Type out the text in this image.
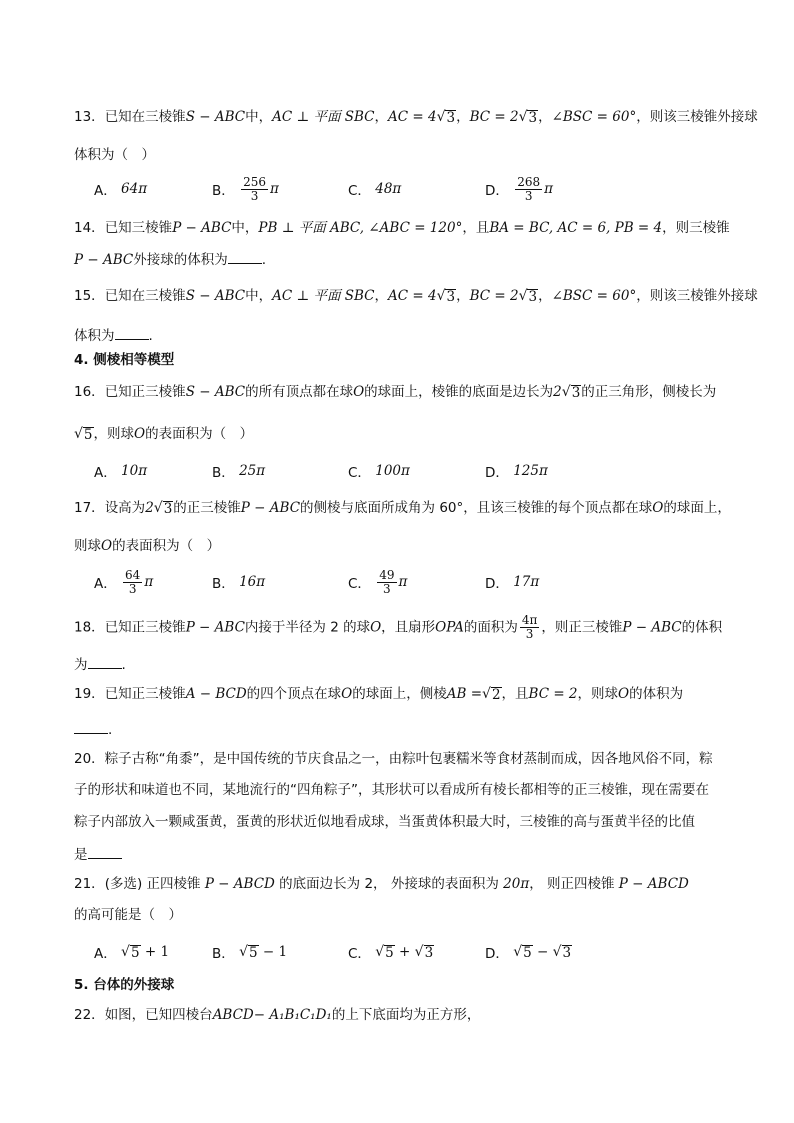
13．已知在三棱锥S − ABC中，AC ⊥ 平面 SBC，AC = 4 √ 3 ，BC = 2 √ 3 ，∠BSC = 60°，则该三棱锥外接球
体积为（　）
A．
64π	B．
$\frac{256}{3}$ π	C．
48π	D．
$\frac{268}{3}$ π
14．已知三棱锥P − ABC中，PB ⊥ 平面 ABC, ∠ABC = 120°，且BA = BC, AC = 6, PB = 4，则三棱锥
P − ABC外接球的体积为	.
15．已知在三棱锥S − ABC中，AC ⊥ 平面 SBC，AC = 4 √ 3 ，BC = 2 √ 3 ，∠BSC = 60°，则该三棱锥外接球
体积为	.
4. 侧棱相等模型
16．已知正三棱锥S − ABC的所有顶点都在球O的球面上，棱锥的底面是边长为2 √ 3 的正三角形，侧棱长为
√ 5 ，则球O的表面积为（　）
A．
10π	B．
25π	C．
100π	D．
125π
17．设高为2 √ 3 的正三棱锥P − ABC的侧棱与底面所成角为 60°，且该三棱锥的每个顶点都在球O的球面上，
则球O的表面积为（　）
A．
$\frac{64}{3}$ π	B．
16π	C．
$\frac{49}{3}$ π	D．
17π
18．已知正三棱锥P − ABC内接于半径为 2 的球O，且扇形OPA的面积为 $\frac{4\pi}{3}$ ，则正三棱锥P − ABC的体积
为	.
19．已知正三棱锥A − BCD的四个顶点在球O的球面上，侧棱AB = √ 2 ，且BC = 2，则球O的体积为
.
20．粽子古称“角黍”，是中国传统的节庆食品之一，由粽叶包裹糯米等食材蒸制而成，因各地风俗不同，粽
子的形状和味道也不同，某地流行的“四角粽子”，其形状可以看成所有棱长都相等的正三棱锥，现在需要在
粽子内部放入一颗咸蛋黄，蛋黄的形状近似地看成球，当蛋黄体积最大时，三棱锥的高与蛋黄半径的比值
是
21．(多选) 正四棱锥 P − ABCD 的底面边长为 2， 外接球的表面积为 20π， 则正四棱锥 P − ABCD
的高可能是（　）
A．
√ 5 + 1	B．
√ 5 − 1	C．
√ 5 + √ 3	D．
√ 5 − √ 3
5. 台体的外接球
22．如图，已知四棱台ABCD− A₁B₁C₁D₁的上下底面均为正方形，
